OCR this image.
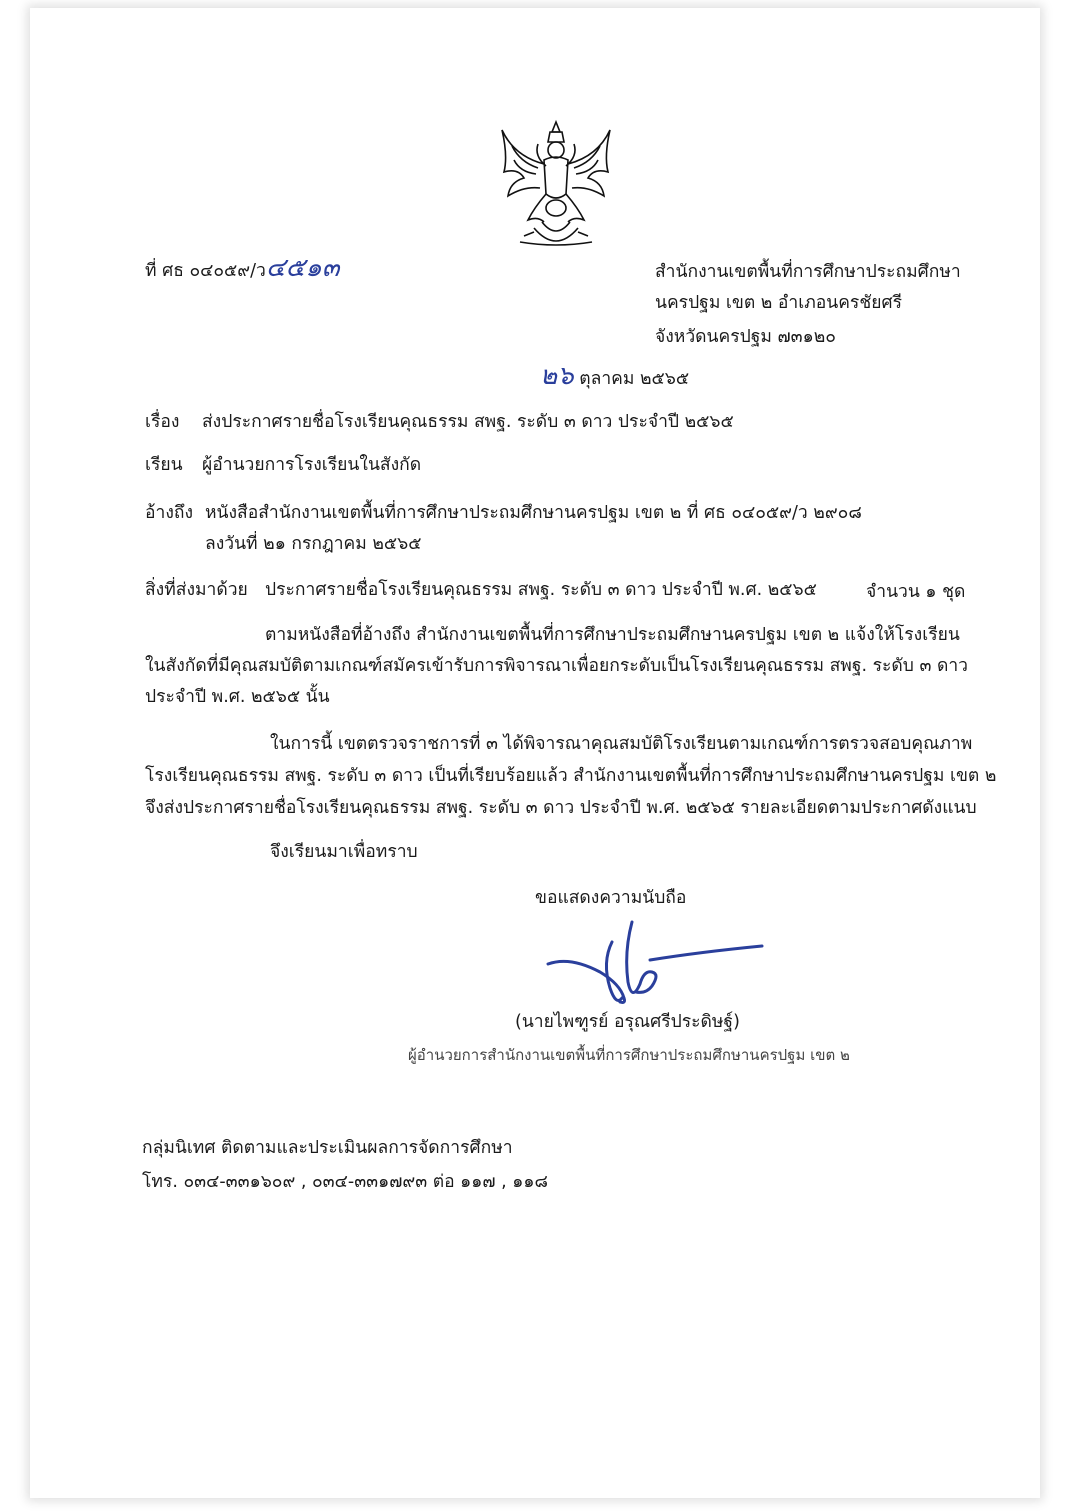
ที่ ศธ ๐๔๐๕๙/ว๔๕๑๓	สำนักงานเขตพื้นที่การศึกษาประถมศึกษา
นครปฐม เขต ๒ อำเภอนครชัยศรี
จังหวัดนครปฐม ๗๓๑๒๐
๒๖ ตุลาคม ๒๕๖๕
เรื่อง ส่งประกาศรายชื่อโรงเรียนคุณธรรม สพฐ. ระดับ ๓ ดาว ประจำปี ๒๕๖๕
เรียน ผู้อำนวยการโรงเรียนในสังกัด
อ้างถึง หนังสือสำนักงานเขตพื้นที่การศึกษาประถมศึกษานครปฐม เขต ๒ ที่ ศธ ๐๔๐๕๙/ว ๒๙๐๘
ลงวันที่ ๒๑ กรกฎาคม ๒๕๖๕
สิ่งที่ส่งมาด้วย ประกาศรายชื่อโรงเรียนคุณธรรม สพฐ. ระดับ ๓ ดาว ประจำปี พ.ศ. ๒๕๖๕	จำนวน ๑ ชุด
ตามหนังสือที่อ้างถึง สำนักงานเขตพื้นที่การศึกษาประถมศึกษานครปฐม เขต ๒ แจ้งให้โรงเรียน
ในสังกัดที่มีคุณสมบัติตามเกณฑ์สมัครเข้ารับการพิจารณาเพื่อยกระดับเป็นโรงเรียนคุณธรรม สพฐ. ระดับ ๓ ดาว
ประจำปี พ.ศ. ๒๕๖๕ นั้น
ในการนี้ เขตตรวจราชการที่ ๓ ได้พิจารณาคุณสมบัติโรงเรียนตามเกณฑ์การตรวจสอบคุณภาพ
โรงเรียนคุณธรรม สพฐ. ระดับ ๓ ดาว เป็นที่เรียบร้อยแล้ว สำนักงานเขตพื้นที่การศึกษาประถมศึกษานครปฐม เขต ๒
จึงส่งประกาศรายชื่อโรงเรียนคุณธรรม สพฐ. ระดับ ๓ ดาว ประจำปี พ.ศ. ๒๕๖๕ รายละเอียดตามประกาศดังแนบ
จึงเรียนมาเพื่อทราบ
ขอแสดงความนับถือ
(นายไพฑูรย์ อรุณศรีประดิษฐ์)
ผู้อำนวยการสำนักงานเขตพื้นที่การศึกษาประถมศึกษานครปฐม เขต ๒
กลุ่มนิเทศ ติดตามและประเมินผลการจัดการศึกษา
โทร. ๐๓๔-๓๓๑๖๐๙ , ๐๓๔-๓๓๑๗๙๓ ต่อ ๑๑๗ , ๑๑๘
